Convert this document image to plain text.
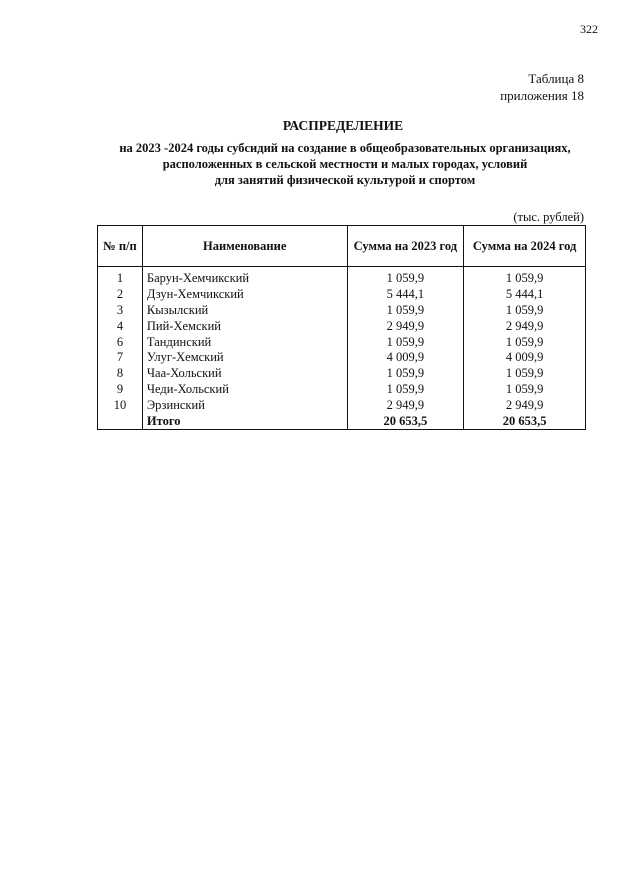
322
Таблица 8
приложения 18
РАСПРЕДЕЛЕНИЕ
на 2023 -2024 годы субсидий на создание в общеобразовательных организациях,
расположенных в сельской местности и малых городах, условий
для занятий физической культурой и спортом
(тыс. рублей)
№ п/п	Наименование	Сумма на 2023 год	Сумма на 2024 год
1	Барун-Хемчикский	1 059,9	1 059,9
2	Дзун-Хемчикский	5 444,1	5 444,1
3	Кызылский	1 059,9	1 059,9
4	Пий-Хемский	2 949,9	2 949,9
6	Тандинский	1 059,9	1 059,9
7	Улуг-Хемский	4 009,9	4 009,9
8	Чаа-Хольский	1 059,9	1 059,9
9	Чеди-Хольский	1 059,9	1 059,9
10	Эрзинский	2 949,9	2 949,9
	Итого	20 653,5	20 653,5
